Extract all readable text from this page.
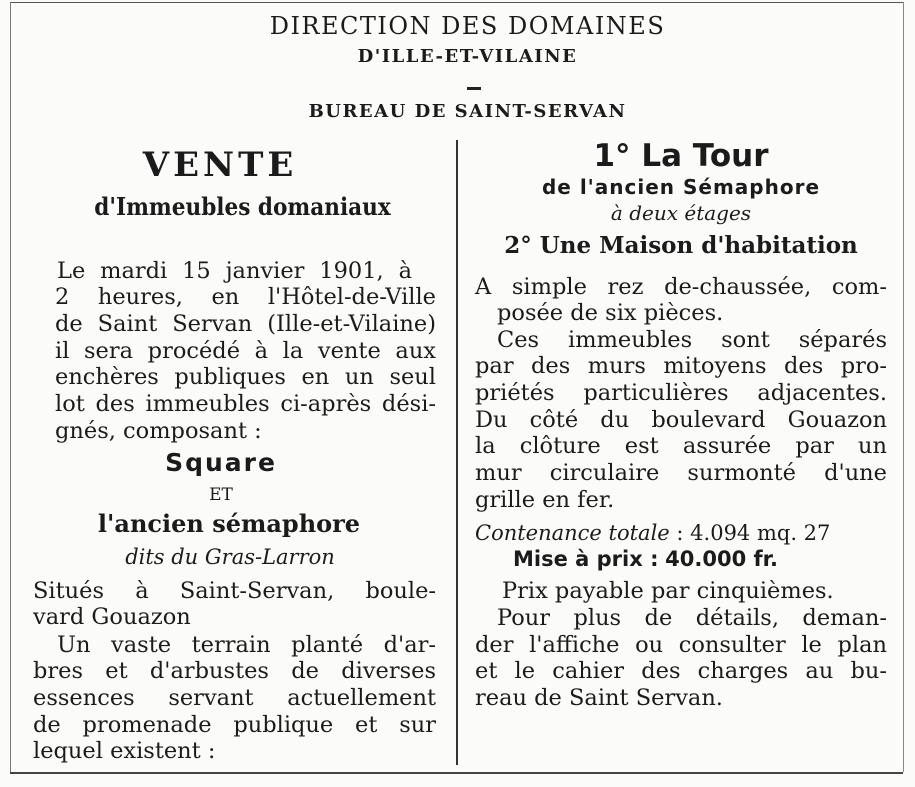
DIRECTION DES DOMAINES
D'ILLE-ET-VILAINE
BUREAU DE SAINT-SERVAN
VENTE
d'Immeubles domaniaux
Le mardi 15 janvier 1901, à
2 heures, en l'Hôtel-de-Ville
de Saint Servan (Ille-et-Vilaine)
il sera procédé à la vente aux
enchères publiques en un seul
lot des immeubles ci-après dési-
gnés, composant :
Square
ET
l'ancien sémaphore
dits du Gras-Larron
Situés à Saint-Servan, boule-
vard Gouazon
Un vaste terrain planté d'ar-
bres et d'arbustes de diverses
essences servant actuellement
de promenade publique et sur
lequel existent :
1° La Tour
de l'ancien Sémaphore
à deux étages
2° Une Maison d'habitation
A simple rez de-chaussée, com-
posée de six pièces.
Ces immeubles sont séparés
par des murs mitoyens des pro-
priétés particulières adjacentes.
Du côté du boulevard Gouazon
la clôture est assurée par un
mur circulaire surmonté d'une
grille en fer.
Contenance totale : 4.094 mq. 27
Mise à prix : 40.000 fr.
Prix payable par cinquièmes.
Pour plus de détails, deman-
der l'affiche ou consulter le plan
et le cahier des charges au bu-
reau de Saint Servan.
